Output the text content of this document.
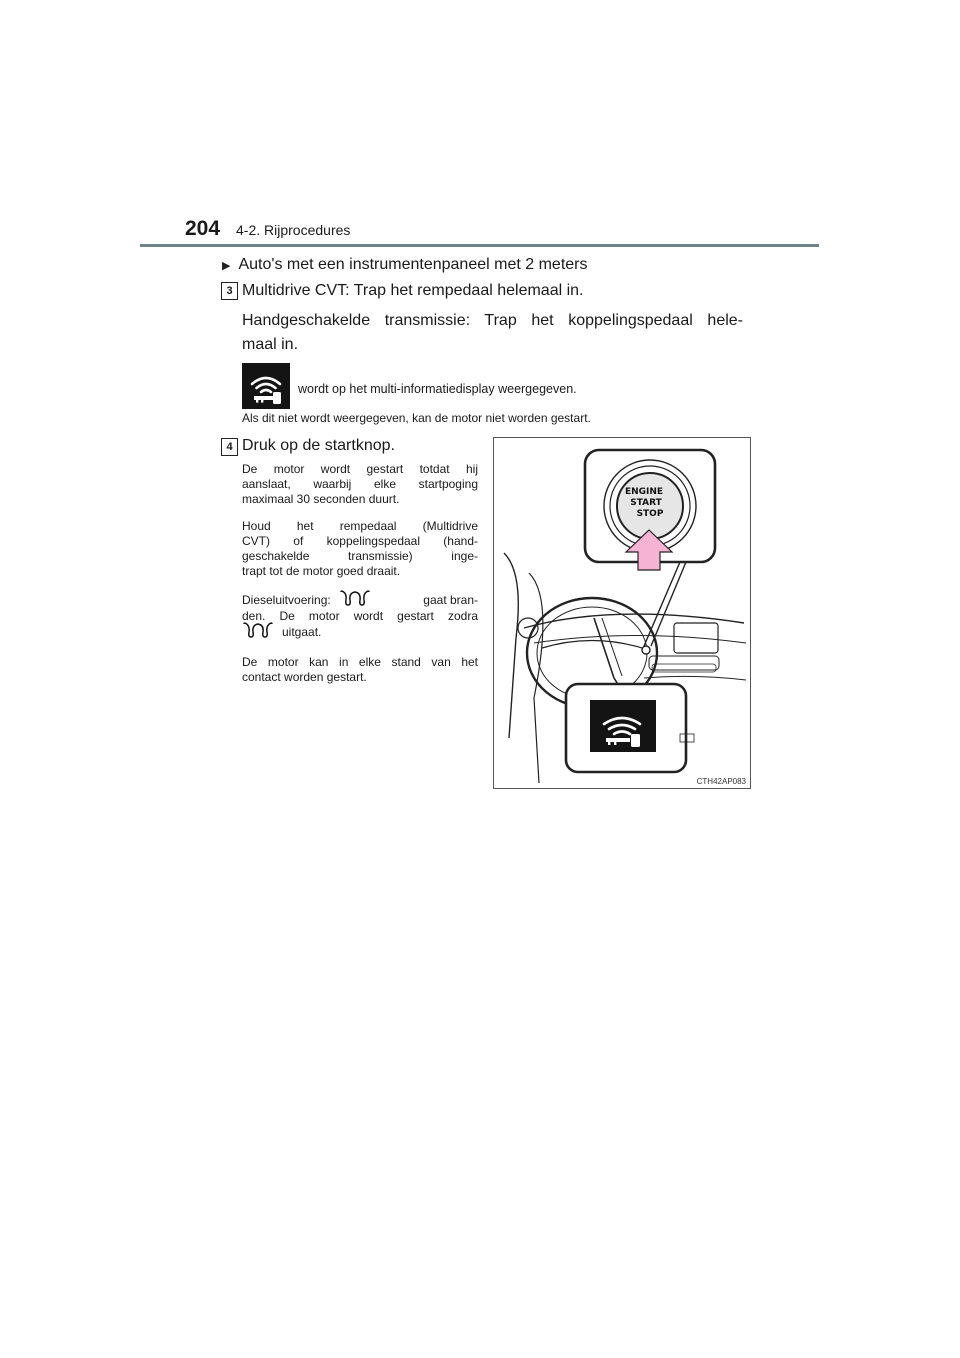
204 4-2. Rijprocedures
▶ Auto's met een instrumentenpaneel met 2 meters
3 Multidrive CVT: Trap het rempedaal helemaal in.
Handgeschakelde transmissie: Trap het koppelingspedaal hele-
maal in.
wordt op het multi-informatiedisplay weergegeven.
Als dit niet wordt weergegeven, kan de motor niet worden gestart.
4 Druk op de startknop.
De motor wordt gestart totdat hij
aanslaat, waarbij elke startpoging
maximaal 30 seconden duurt.
Houd het rempedaal (Multidrive
CVT) of koppelingspedaal (hand-
geschakelde transmissie) inge-
trapt tot de motor goed draait.
Dieseluitvoering:	gaat bran-
den. De motor wordt gestart zodra
uitgaat.
De motor kan in elke stand van het
contact worden gestart.
ENGINE
START
STOP
CTH42AP083
